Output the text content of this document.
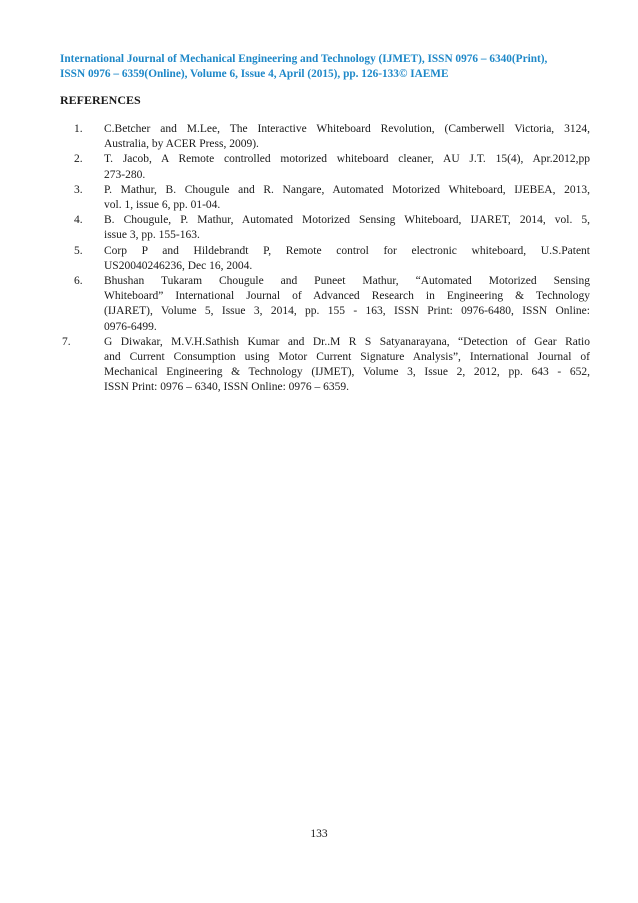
International Journal of Mechanical Engineering and Technology (IJMET), ISSN 0976 – 6340(Print),
ISSN 0976 – 6359(Online), Volume 6, Issue 4, April (2015), pp. 126-133© IAEME
REFERENCES
1. C.Betcher and M.Lee, The Interactive Whiteboard Revolution, (Camberwell Victoria, 3124,
Australia, by ACER Press, 2009).
2. T. Jacob, A Remote controlled motorized whiteboard cleaner, AU J.T. 15(4), Apr.2012,pp
273-280.
3. P. Mathur, B. Chougule and R. Nangare, Automated Motorized Whiteboard, IJEBEA, 2013,
vol. 1, issue 6, pp. 01-04.
4. B. Chougule, P. Mathur, Automated Motorized Sensing Whiteboard, IJARET, 2014, vol. 5,
issue 3, pp. 155-163.
5. Corp P and Hildebrandt P, Remote control for electronic whiteboard, U.S.Patent
US20040246236, Dec 16, 2004.
6. Bhushan Tukaram Chougule and Puneet Mathur, “Automated Motorized Sensing
Whiteboard” International Journal of Advanced Research in Engineering & Technology
(IJARET), Volume 5, Issue 3, 2014, pp. 155 - 163, ISSN Print: 0976-6480, ISSN Online:
0976-6499.
7.	G Diwakar, M.V.H.Sathish Kumar and Dr..M R S Satyanarayana, “Detection of Gear Ratio
and Current Consumption using Motor Current Signature Analysis”, International Journal of
Mechanical Engineering & Technology (IJMET), Volume 3, Issue 2, 2012, pp. 643 - 652,
ISSN Print: 0976 – 6340, ISSN Online: 0976 – 6359.
133
